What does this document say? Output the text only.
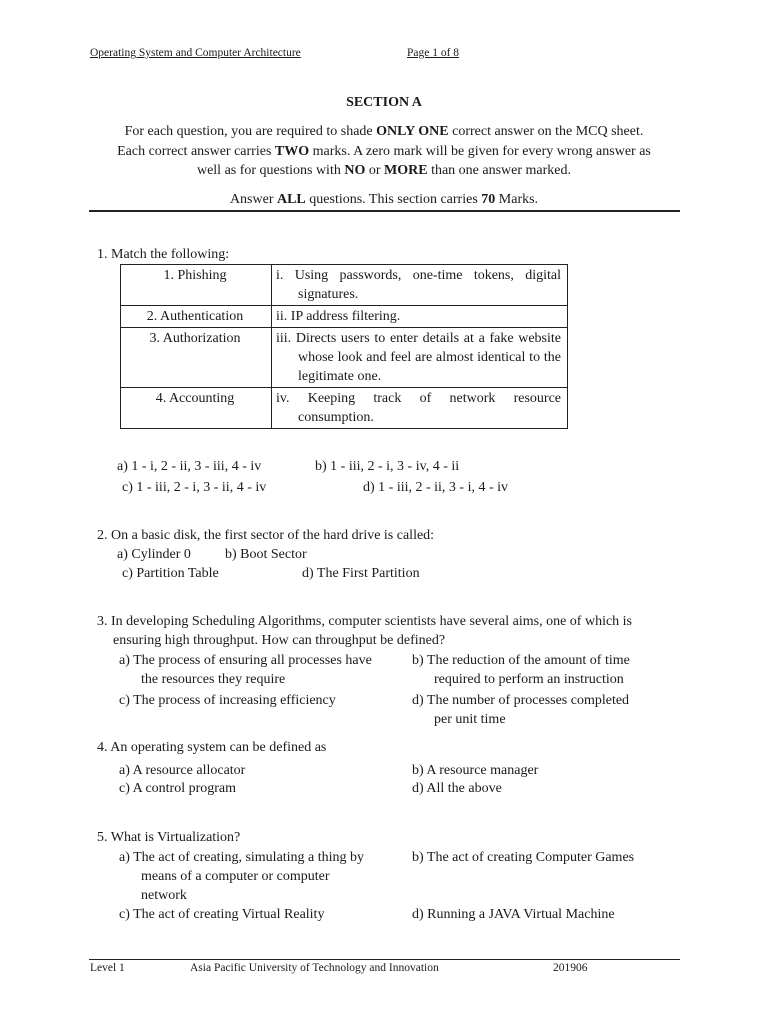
Operating System and Computer Architecture	Page 1 of 8
SECTION A
For each question, you are required to shade ONLY ONE correct answer on the MCQ sheet.
Each correct answer carries TWO marks. A zero mark will be given for every wrong answer as
well as for questions with NO or MORE than one answer marked.
Answer ALL questions. This section carries 70 Marks.
1. Match the following:
1. Phishing	i. Using passwords, one-time tokens, digital signatures.

2. Authentication	ii. IP address filtering.

3. Authorization	iii. Directs users to enter details at a fake website whose look and feel are almost identical to the legitimate one.

4. Accounting	iv. Keeping track of network resource consumption.
a) 1 - i, 2 - ii, 3 - iii, 4 - iv	b) 1 - iii, 2 - i, 3 - iv, 4 - ii
c) 1 - iii, 2 - i, 3 - ii, 4 - iv	d) 1 - iii, 2 - ii, 3 - i, 4 - iv
2. On a basic disk, the first sector of the hard drive is called:
a) Cylinder 0 b) Boot Sector
c) Partition Table	d) The First Partition
3. In developing Scheduling Algorithms, computer scientists have several aims, one of which is
ensuring high throughput. How can throughput be defined?
a) The process of ensuring all processes have
the resources they require
b) The reduction of the amount of time
required to perform an instruction
c) The process of increasing efficiency	d) The number of processes completed
per unit time
4. An operating system can be defined as
a) A resource allocator	b) A resource manager
c) A control program	d) All the above
5. What is Virtualization?
a) The act of creating, simulating a thing by
means of a computer or computer
network
b) The act of creating Computer Games
c) The act of creating Virtual Reality	d) Running a JAVA Virtual Machine
Level 1	Asia Pacific University of Technology and Innovation	201906
